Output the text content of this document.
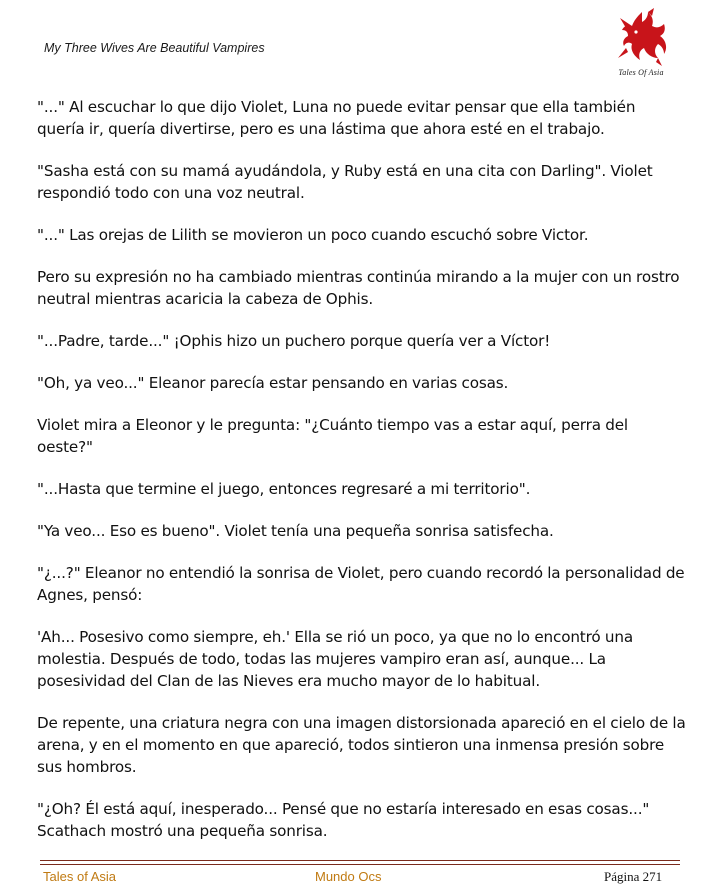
My Three Wives Are Beautiful Vampires
Tales Of Asia

"..." Al escuchar lo que dijo Violet, Luna no puede evitar pensar que ella también quería ir, quería divertirse, pero es una lástima que ahora esté en el trabajo.

"Sasha está con su mamá ayudándola, y Ruby está en una cita con Darling". Violet respondió todo con una voz neutral.

"..." Las orejas de Lilith se movieron un poco cuando escuchó sobre Victor.

Pero su expresión no ha cambiado mientras continúa mirando a la mujer con un rostro neutral mientras acaricia la cabeza de Ophis.

"...Padre, tarde..." ¡Ophis hizo un puchero porque quería ver a Víctor!

"Oh, ya veo..." Eleanor parecía estar pensando en varias cosas.

Violet mira a Eleonor y le pregunta: "¿Cuánto tiempo vas a estar aquí, perra del oeste?"

"...Hasta que termine el juego, entonces regresaré a mi territorio".

"Ya veo... Eso es bueno". Violet tenía una pequeña sonrisa satisfecha.

"¿...?" Eleanor no entendió la sonrisa de Violet, pero cuando recordó la personalidad de Agnes, pensó:

'Ah... Posesivo como siempre, eh.' Ella se rió un poco, ya que no lo encontró una molestia. Después de todo, todas las mujeres vampiro eran así, aunque... La posesividad del Clan de las Nieves era mucho mayor de lo habitual.

De repente, una criatura negra con una imagen distorsionada apareció en el cielo de la arena, y en el momento en que apareció, todos sintieron una inmensa presión sobre sus hombros.

"¿Oh? Él está aquí, inesperado... Pensé que no estaría interesado en esas cosas..." Scathach mostró una pequeña sonrisa.

Tales of Asia	Mundo Ocs	Página 271
